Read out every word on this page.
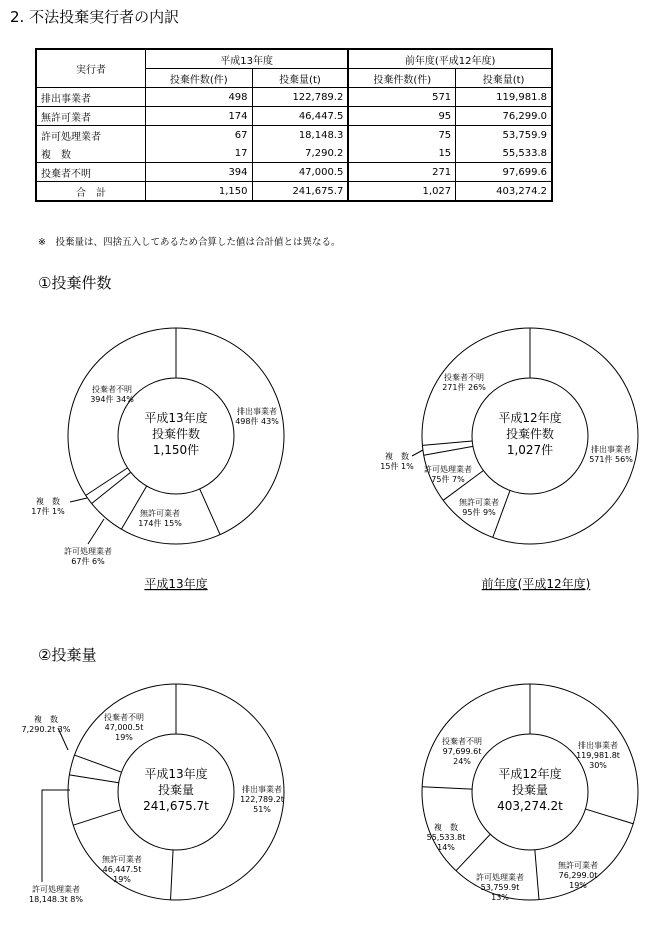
2. 不法投棄実行者の内訳
実行者	平成13年度		前年度(平成12年度)	
	投棄件数(件)	投棄量(t)	投棄件数(件)	投棄量(t)
排出事業者	498	122,789.2	571	119,981.8
無許可業者	174	46,447.5	95	76,299.0
許可処理業者	67	18,148.3	75	53,759.9
複　数	17	7,290.2	15	55,533.8
投棄者不明	394	47,000.5	271	97,699.6
合　計	1,150	241,675.7	1,027	403,274.2
※　投棄量は、四捨五入してあるため合算した値は合計値とは異なる。
①投棄件数
②投棄量
平成13年度
投棄件数
1,150件
排出事業者
498件 43%
無許可業者
174件 15%
許可処理業者
67件 6%
複　数
17件 1%
投棄者不明
394件 34%
平成12年度
投棄件数
1,027件	排出事業者
571件 56%
無許可業者
95件 9%
許可処理業者
75件 7%
複　数
15件 1%
投棄者不明
271件 26%
平成13年度
投棄量
241,675.7t
排出事業者
122,789.2t
51%
無許可業者
46,447.5t
19%
許可処理業者
18,148.3t 8%
複　数
7,290.2t 3%
投棄者不明
47,000.5t
19%
平成12年度
投棄量
403,274.2t
排出事業者
119,981.8t
30%
無許可業者
76,299.0t
19%
許可処理業者
53,759.9t
13%
複　数
55,533.8t
14%
投棄者不明
97,699.6t
24%
平成13年度	前年度(平成12年度)
